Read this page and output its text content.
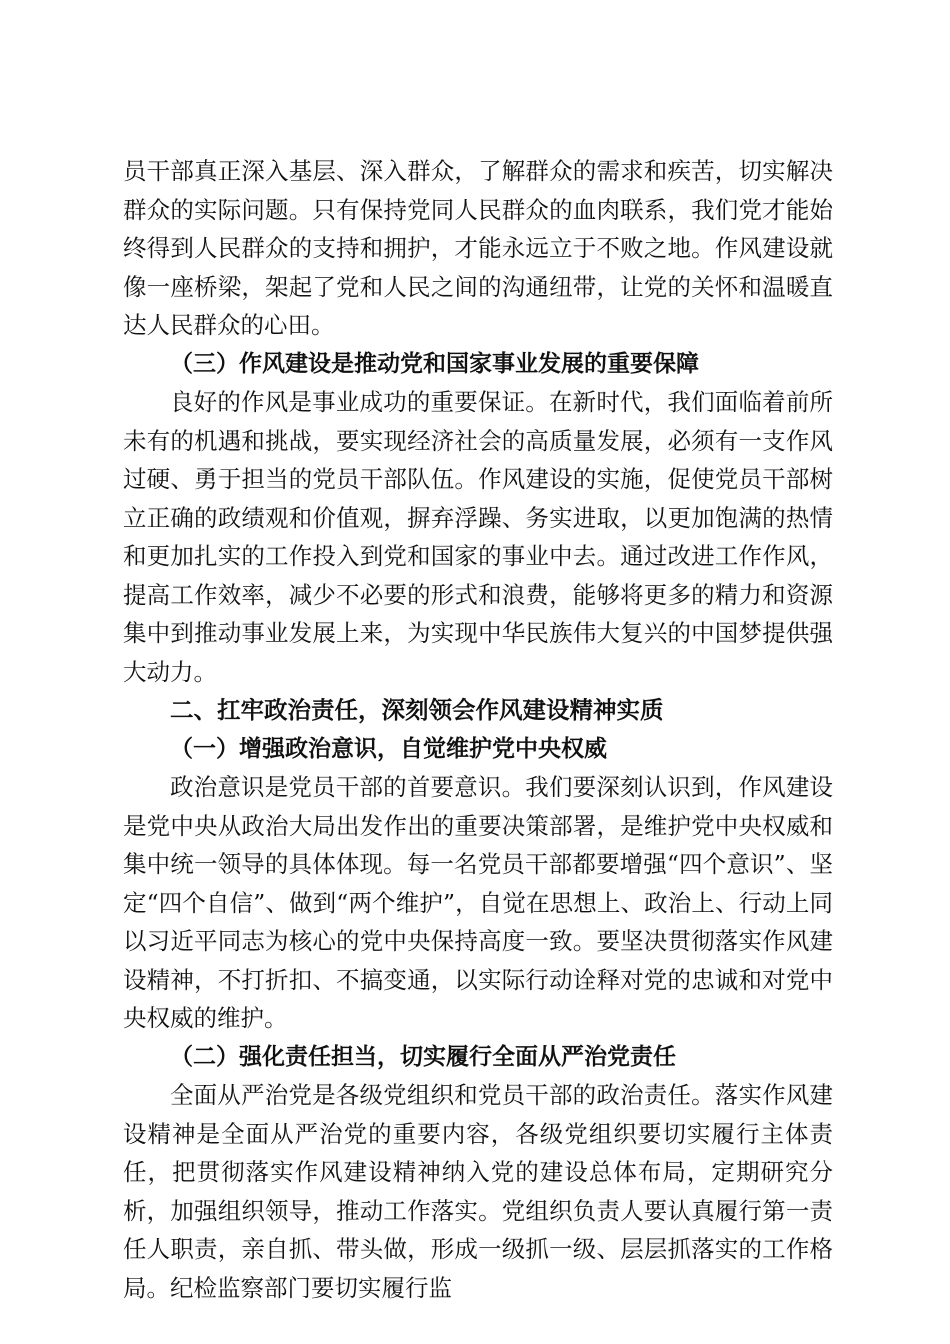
员干部真正深入基层、深入群众，了解群众的需求和疾苦，切实解决群众的实际问题。只有保持党同人民群众的血肉联系，我们党才能始终得到人民群众的支持和拥护，才能永远立于不败之地。作风建设就像一座桥梁，架起了党和人民之间的沟通纽带，让党的关怀和温暖直达人民群众的心田。

（三）作风建设是推动党和国家事业发展的重要保障

良好的作风是事业成功的重要保证。在新时代，我们面临着前所未有的机遇和挑战，要实现经济社会的高质量发展，必须有一支作风过硬、勇于担当的党员干部队伍。作风建设的实施，促使党员干部树立正确的政绩观和价值观，摒弃浮躁、务实进取，以更加饱满的热情和更加扎实的工作投入到党和国家的事业中去。通过改进工作作风，提高工作效率，减少不必要的形式和浪费，能够将更多的精力和资源集中到推动事业发展上来，为实现中华民族伟大复兴的中国梦提供强大动力。

二、扛牢政治责任，深刻领会作风建设精神实质

（一）增强政治意识，自觉维护党中央权威

政治意识是党员干部的首要意识。我们要深刻认识到，作风建设是党中央从政治大局出发作出的重要决策部署，是维护党中央权威和集中统一领导的具体体现。每一名党员干部都要增强“四个意识”、坚定“四个自信”、做到“两个维护”，自觉在思想上、政治上、行动上同以习近平同志为核心的党中央保持高度一致。要坚决贯彻落实作风建设精神，不打折扣、不搞变通，以实际行动诠释对党的忠诚和对党中央权威的维护。

（二）强化责任担当，切实履行全面从严治党责任

全面从严治党是各级党组织和党员干部的政治责任。落实作风建设精神是全面从严治党的重要内容，各级党组织要切实履行主体责任，把贯彻落实作风建设精神纳入党的建设总体布局，定期研究分析，加强组织领导，推动工作落实。党组织负责人要认真履行第一责任人职责，亲自抓、带头做，形成一级抓一级、层层抓落实的工作格局。纪检监察部门要切实履行监
